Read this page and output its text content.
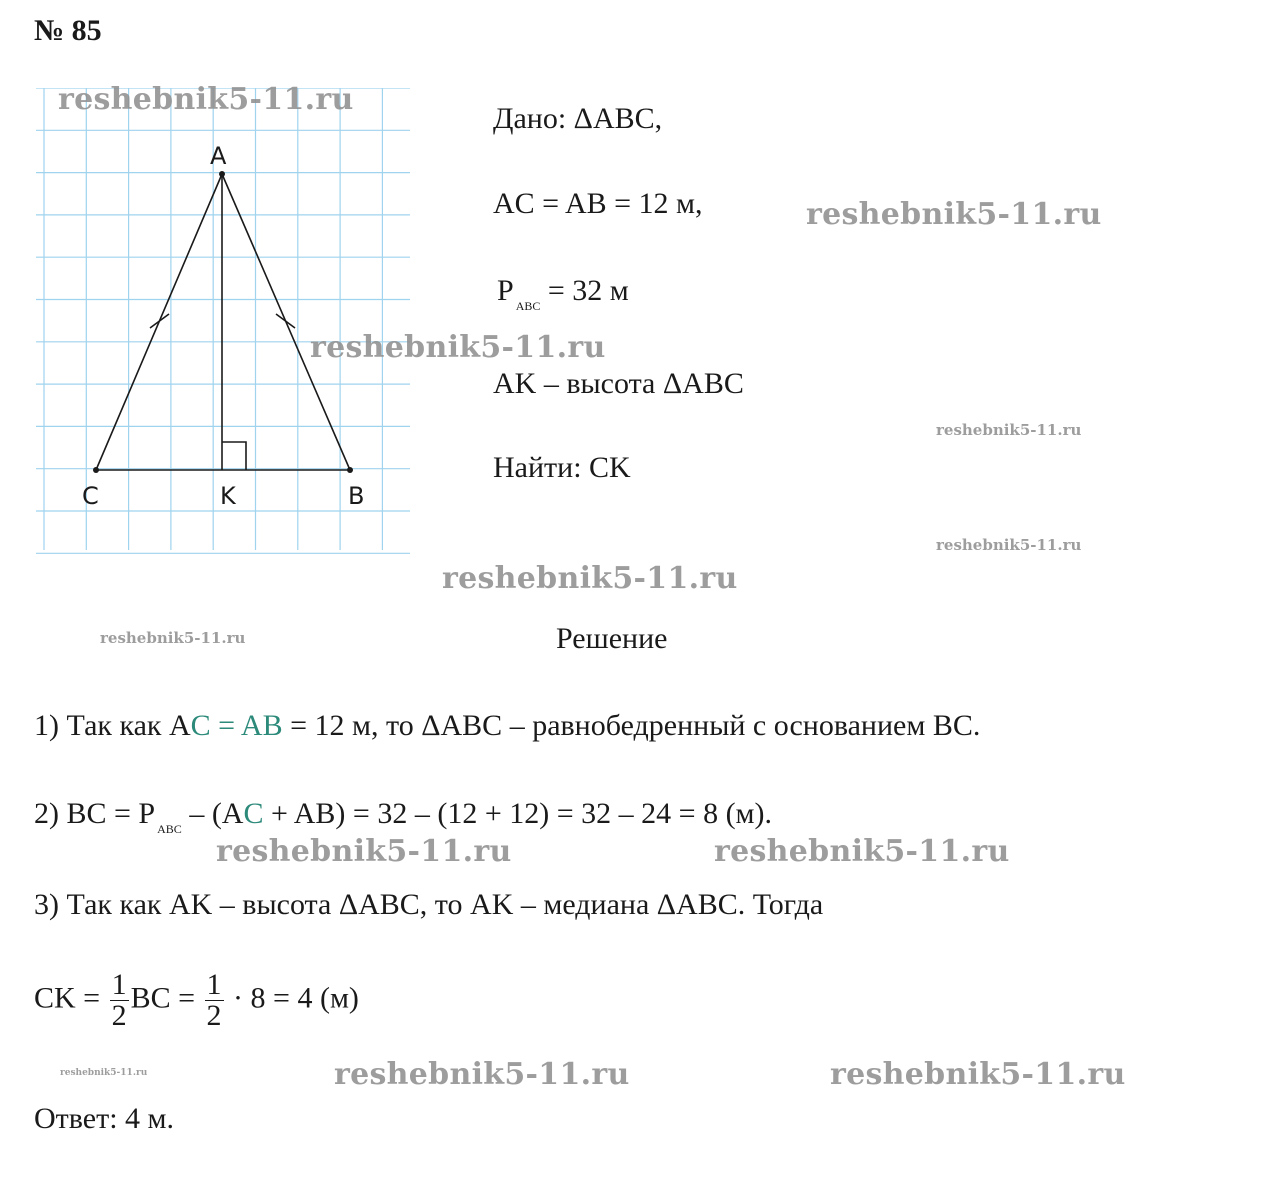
№ 85
A
C	K	B
Дано: ΔABC,
AC = AB = 12 м,
P $_{ABC}$ = 32 м
AK – высота ΔABC
Найти: CK
Решение
1) Так как AC = AB = 12 м, то ΔABC – равнобедренный с основанием BC.
2) BC = P $_{ABC}$ – (AC + AB) = 32 – (12 + 12) = 32 – 24 = 8 (м).
3) Так как AK – высота ΔABC, то AK – медиана ΔABC. Тогда
CK = $\frac{1}{2}$ BC = $\frac{1}{2} \cdot 8 = 4$ (м)
Ответ: 4 м.
reshebnik5-11.ru
reshebnik5-11.ru
reshebnik5-11.ru
reshebnik5-11.ru
reshebnik5-11.ru
reshebnik5-11.ru
reshebnik5-11.ru
reshebnik5-11.ru	reshebnik5-11.ru
reshebnik5-11.ru	reshebnik5-11.ru	reshebnik5-11.ru
